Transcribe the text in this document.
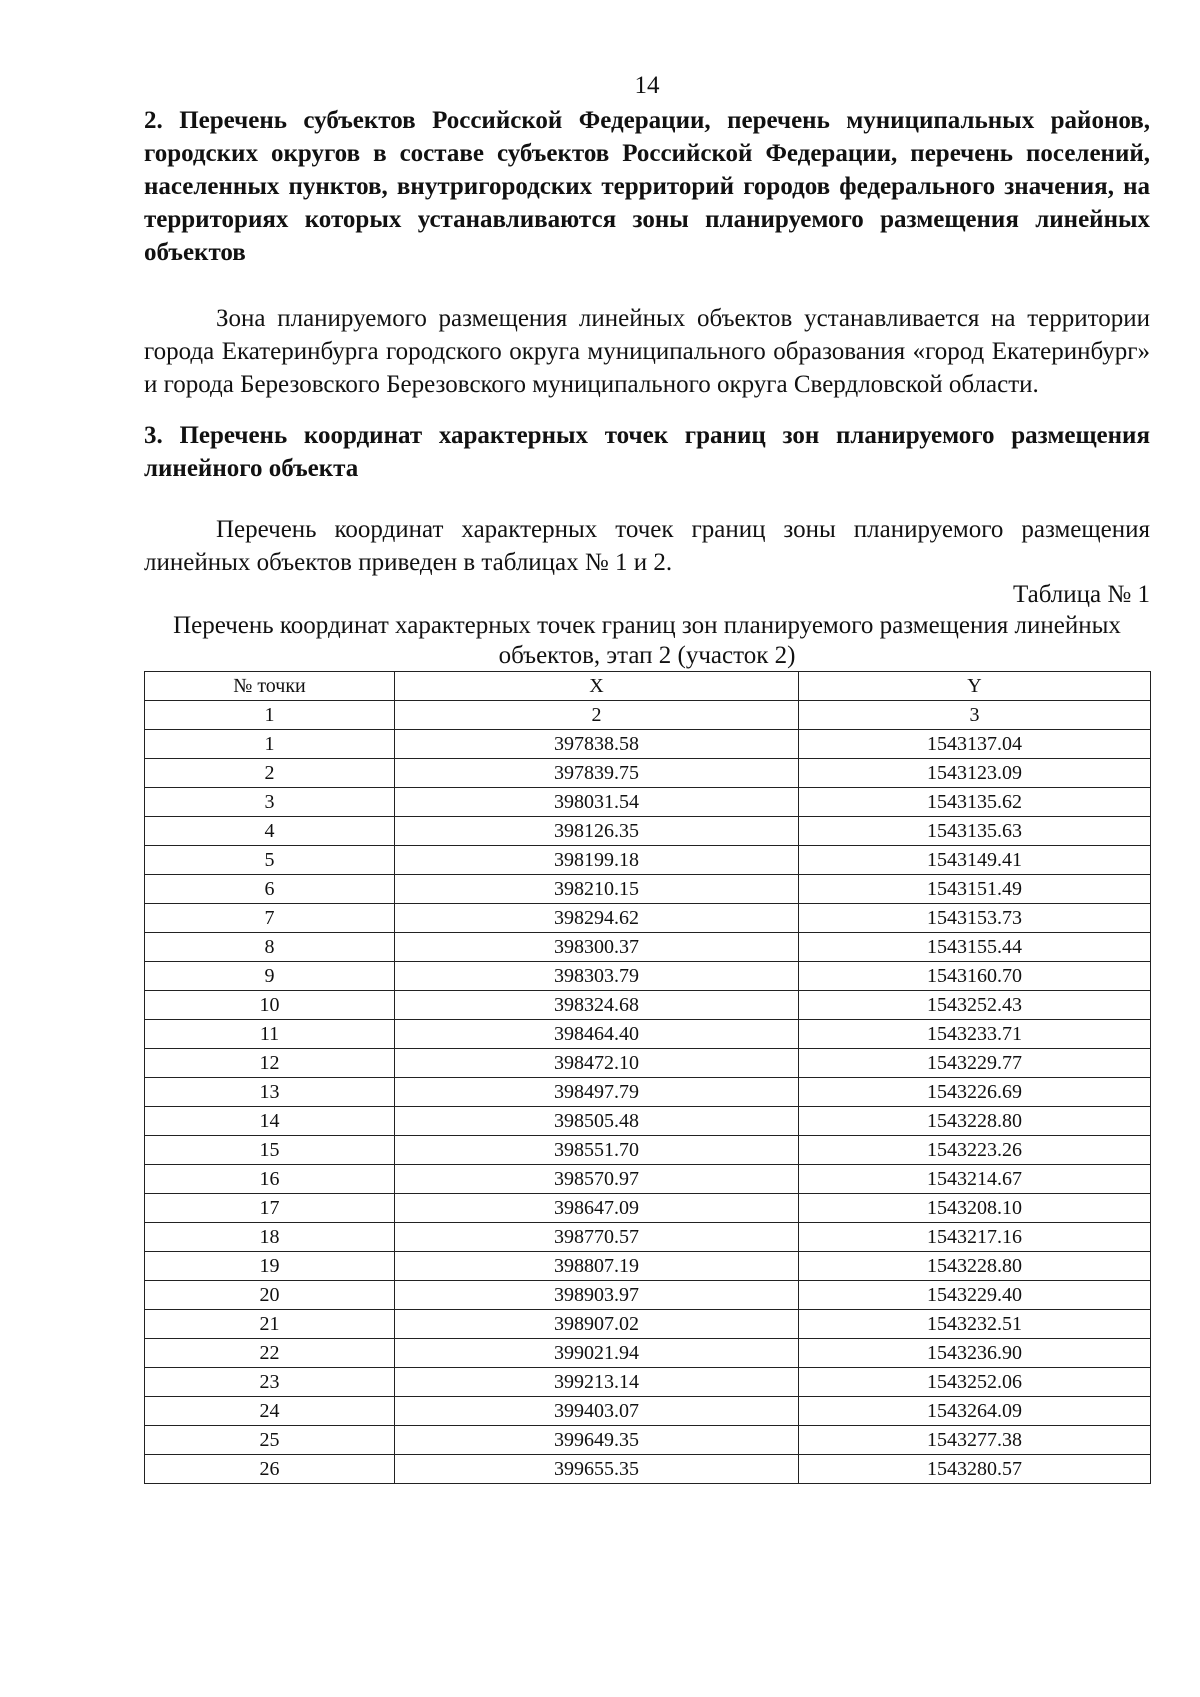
14

2. Перечень субъектов Российской Федерации, перечень муниципальных районов, городских округов в составе субъектов Российской Федерации, перечень поселений, населенных пунктов, внутригородских территорий городов федерального значения, на территориях которых устанавливаются зоны планируемого размещения линейных объектов

Зона планируемого размещения линейных объектов устанавливается на территории города Екатеринбурга городского округа муниципального образования «город Екатеринбург» и города Березовского Березовского муниципального округа Свердловской области.

3. Перечень координат характерных точек границ зон планируемого размещения линейного объекта

Перечень координат характерных точек границ зоны планируемого размещения линейных объектов приведен в таблицах № 1 и 2.

Таблица № 1

Перечень координат характерных точек границ зон планируемого размещения линейных объектов, этап 2 (участок 2)

№ точки	X	Y
1	2	3
1	397838.58	1543137.04
2	397839.75	1543123.09
3	398031.54	1543135.62
4	398126.35	1543135.63
5	398199.18	1543149.41
6	398210.15	1543151.49
7	398294.62	1543153.73
8	398300.37	1543155.44
9	398303.79	1543160.70
10	398324.68	1543252.43
11	398464.40	1543233.71
12	398472.10	1543229.77
13	398497.79	1543226.69
14	398505.48	1543228.80
15	398551.70	1543223.26
16	398570.97	1543214.67
17	398647.09	1543208.10
18	398770.57	1543217.16
19	398807.19	1543228.80
20	398903.97	1543229.40
21	398907.02	1543232.51
22	399021.94	1543236.90
23	399213.14	1543252.06
24	399403.07	1543264.09
25	399649.35	1543277.38
26	399655.35	1543280.57
